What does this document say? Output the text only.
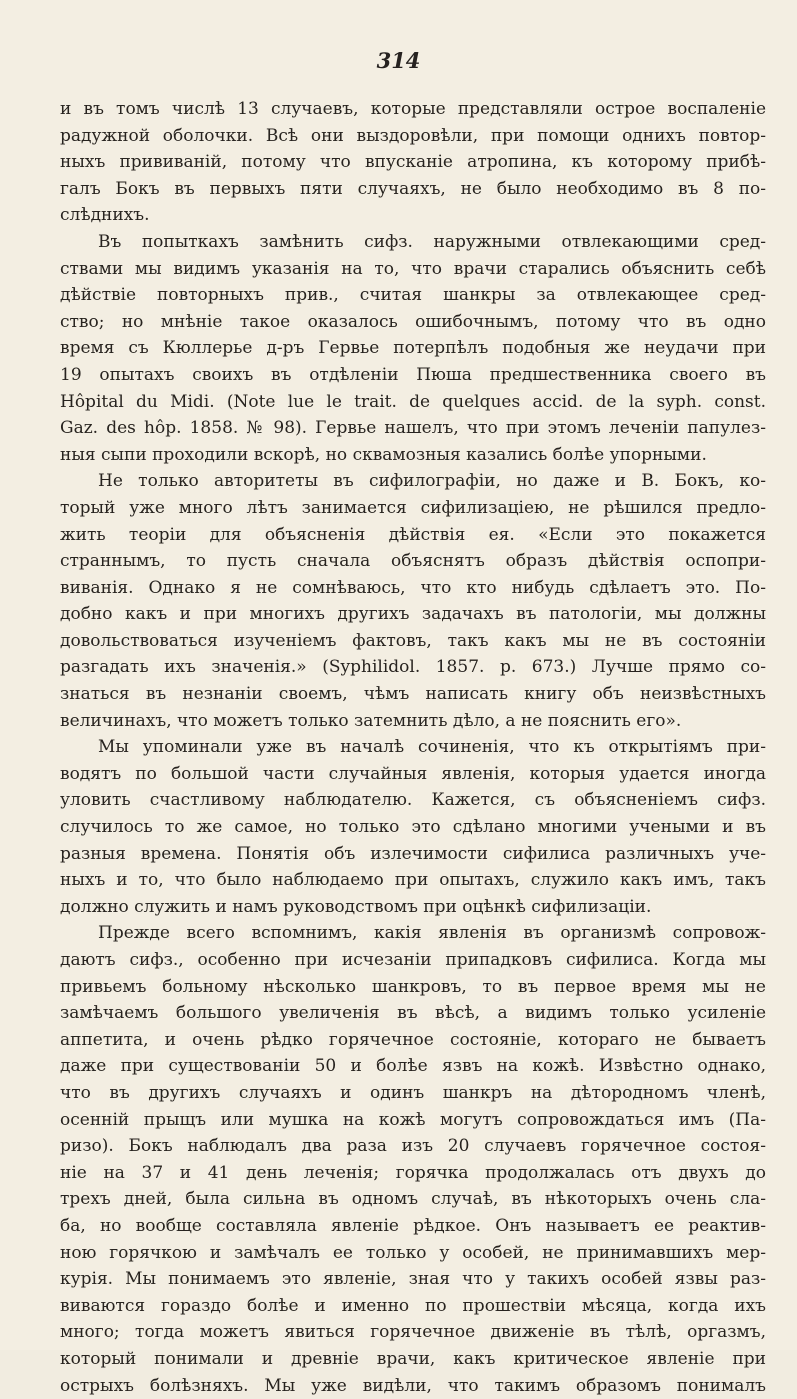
314
и въ томъ числѣ 13 случаевъ, которые представляли острое воспаленіе
радужной оболочки. Всѣ они выздоровѣли, при помощи однихъ повтор-
ныхъ прививаній, потому что впусканіе атропина, къ которому прибѣ-
галъ Бокъ въ первыхъ пяти случаяхъ, не было необходимо въ 8 по-
слѣднихъ.
Въ попыткахъ замѣнить сифз. наружными отвлекающими сред-
ствами мы видимъ указанія на то, что врачи старались объяснить себѣ
дѣйствіе повторныхъ прив., считая шанкры за отвлекающее сред-
ство; но мнѣніе такое оказалось ошибочнымъ, потому что въ одно
время съ Кюллерье д-ръ Гервье потерпѣлъ подобныя же неудачи при
19 опытахъ своихъ въ отдѣленіи Пюша предшественника своего въ
Hôpital du Midi. (Note lue le trait. de quelques accid. de la syph. const.
Gaz. des hôp. 1858. № 98). Гервье нашелъ, что при этомъ леченіи папулез-
ныя сыпи проходили вскорѣ, но сквамозныя казались болѣе упорными.
Не только авторитеты въ сифилографіи, но даже и В. Бокъ, ко-
торый уже много лѣтъ занимается сифилизаціею, не рѣшился предло-
жить теоріи для объясненія дѣйствія ея. «Если это покажется
страннымъ, то пусть сначала объяснятъ образъ дѣйствія оспопри-
виванія. Однако я не сомнѣваюсь, что кто нибудь сдѣлаетъ это. По-
добно какъ и при многихъ другихъ задачахъ въ патологіи, мы должны
довольствоваться изученіемъ фактовъ, такъ какъ мы не въ состояніи
разгадать ихъ значенія.» (Syphilidol. 1857. p. 673.) Лучше прямо со-
знаться въ незнаніи своемъ, чѣмъ написать книгу объ неизвѣстныхъ
величинахъ, что можетъ только затемнить дѣло, а не пояснить его».
Мы упоминали уже въ началѣ сочиненія, что къ открытіямъ при-
водятъ по большой части случайныя явленія, которыя удается иногда
уловить счастливому наблюдателю. Кажется, съ объясненіемъ сифз.
случилось то же самое, но только это сдѣлано многими учеными и въ
разныя времена. Понятія объ излечимости сифилиса различныхъ уче-
ныхъ и то, что было наблюдаемо при опытахъ, служило какъ имъ, такъ
должно служить и намъ руководствомъ при оцѣнкѣ сифилизаціи.
Прежде всего вспомнимъ, какія явленія въ организмѣ сопровож-
даютъ сифз., особенно при исчезаніи припадковъ сифилиса. Когда мы
привьемъ больному нѣсколько шанкровъ, то въ первое время мы не
замѣчаемъ большого увеличенія въ вѣсѣ, а видимъ только усиленіе
аппетита, и очень рѣдко горячечное состояніе, котораго не бываетъ
даже при существованіи 50 и болѣе язвъ на кожѣ. Извѣстно однако,
что въ другихъ случаяхъ и одинъ шанкръ на дѣтородномъ членѣ,
осенній прыщъ или мушка на кожѣ могутъ сопровождаться имъ (Па-
ризо). Бокъ наблюдалъ два раза изъ 20 случаевъ горячечное состоя-
ніе на 37 и 41 день леченія; горячка продолжалась отъ двухъ до
трехъ дней, была сильна въ одномъ случаѣ, въ нѣкоторыхъ очень сла-
ба, но вообще составляла явленіе рѣдкое. Онъ называетъ ее реактив-
ною горячкою и замѣчалъ ее только у особей, не принимавшихъ мер-
курія. Мы понимаемъ это явленіе, зная что у такихъ особей язвы раз-
виваются гораздо болѣе и именно по прошествіи мѣсяца, когда ихъ
много; тогда можетъ явиться горячечное движеніе въ тѣлѣ, оргазмъ,
который понимали и древніе врачи, какъ критическое явленіе при
острыхъ болѣзняхъ. Мы уже видѣли, что такимъ образомъ понималъ
